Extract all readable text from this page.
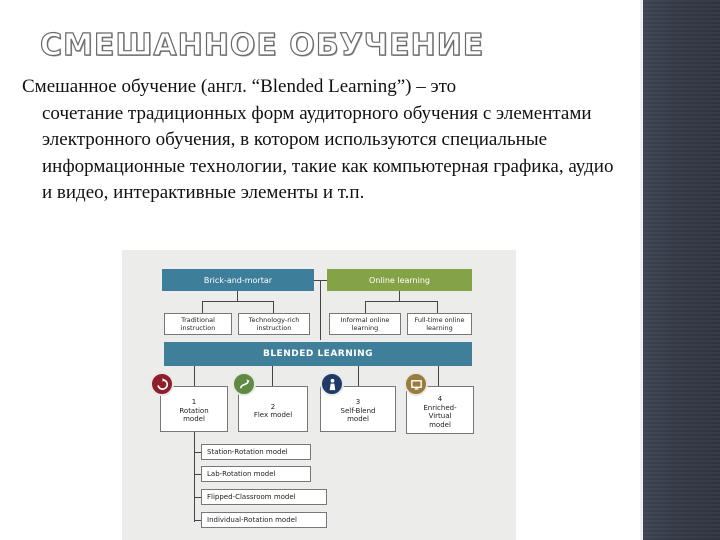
СМЕШАННОЕ ОБУЧЕНИЕ
Смешанное обучение (англ. “Blended Learning”) – это
сочетание традиционных форм аудиторного обучения с элементами электронного обучения, в котором используются специальные информационные технологии, такие как компьютерная графика, аудио и видео, интерактивные элементы и т.п.
Brick-and-mortar	Online learning
Traditional instruction
Technology-rich instruction
Informal online learning
Full-time online learning
BLENDED LEARNING
1
Rotation model
2
Flex model
3
Self-Blend model
4
Enriched-Virtual model
Station-Rotation model
Lab-Rotation model
Flipped-Classroom model
Individual-Rotation model
